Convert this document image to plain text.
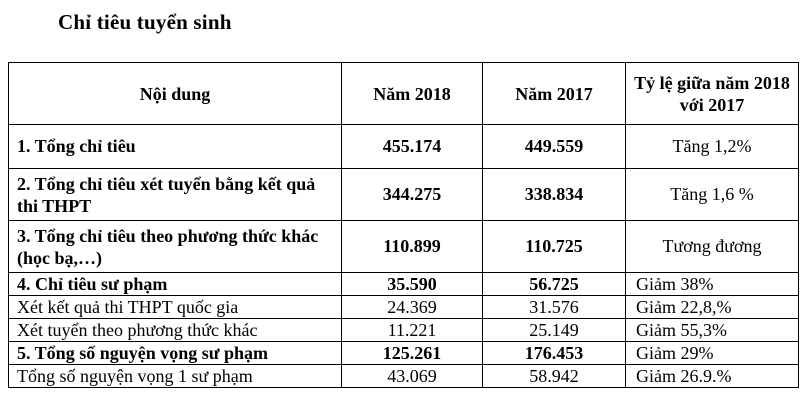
Chỉ tiêu tuyển sinh
Nội dung	Năm 2018	Năm 2017	Tỷ lệ giữa năm 2018 với 2017
1. Tổng chỉ tiêu	455.174	449.559	Tăng 1,2%
2. Tổng chỉ tiêu xét tuyển bằng kết quả thi THPT	344.275	338.834	Tăng 1,6 %
3. Tổng chỉ tiêu theo phương thức khác (học bạ,…)	110.899	110.725	Tương đương
4. Chỉ tiêu sư phạm	35.590	56.725	Giảm 38%
Xét kết quả thi THPT quốc gia	24.369	31.576	Giảm 22,8,%
Xét tuyển theo phương thức khác	11.221	25.149	Giảm 55,3%
5. Tổng số nguyện vọng sư phạm	125.261	176.453	Giảm 29%
Tổng số nguyện vọng 1 sư phạm	43.069	58.942	Giảm 26.9.%
